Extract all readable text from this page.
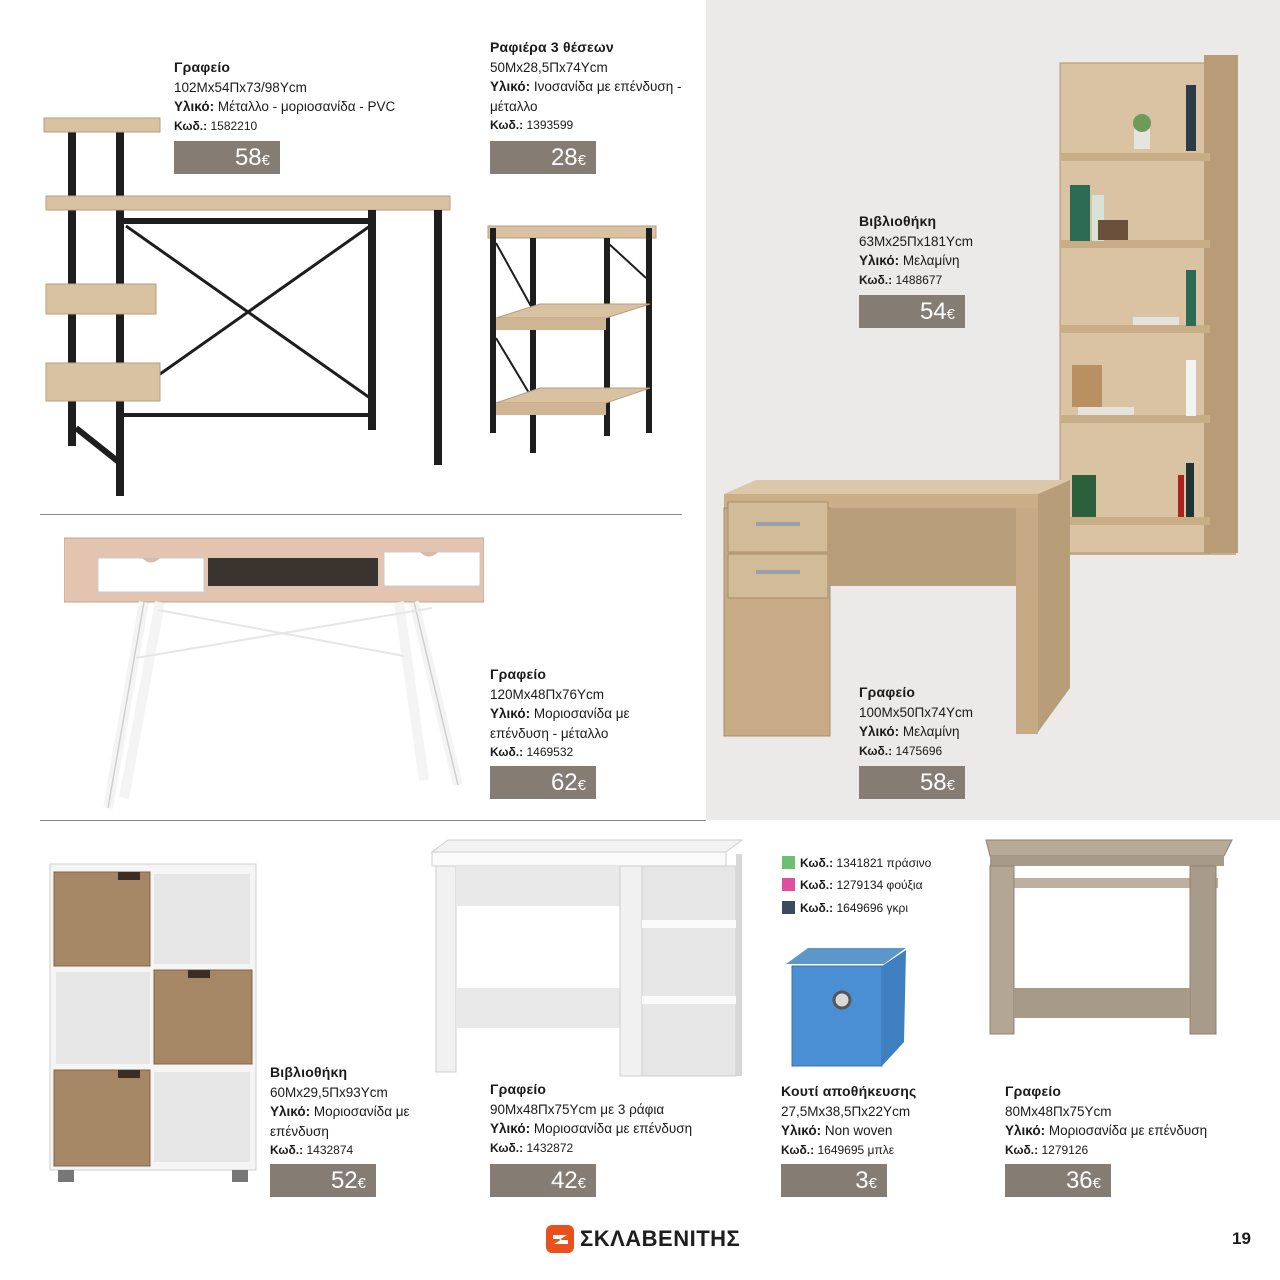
Γραφείο
102Μx54Πx73/98Υcm
Υλικό: Μέταλλο - μοριοσανίδα - PVC
Κωδ.: 1582210
58€
Ραφιέρα 3 θέσεων
50Μx28,5Πx74Υcm
Υλικό: Ινοσανίδα με επένδυση - μέταλλο
Κωδ.: 1393599
28€
Βιβλιοθήκη
63Μx25Πx181Υcm
Υλικό: Μελαμίνη
Κωδ.: 1488677
54€
Γραφείο
120Μx48Πx76Υcm
Υλικό: Μοριοσανίδα με επένδυση - μέταλλο
Κωδ.: 1469532
62€
Γραφείο
100Μx50Πx74Υcm
Υλικό: Μελαμίνη
Κωδ.: 1475696
58€
Βιβλιοθήκη
60Μx29,5Πx93Υcm
Υλικό: Μοριοσανίδα με επένδυση
Κωδ.: 1432874
52€
Γραφείο
90Μx48Πx75Υcm με 3 ράφια
Υλικό: Μοριοσανίδα με επένδυση
Κωδ.: 1432872
42€
Κουτί αποθήκευσης
27,5Μx38,5Πx22Υcm
Υλικό: Non woven
Κωδ.: 1649695 μπλε
3€
Γραφείο
80Μx48Πx75Υcm
Υλικό: Μοριοσανίδα με επένδυση
Κωδ.: 1279126
36€
Κωδ.: 1341821 πράσινο
Κωδ.: 1279134 φούξια
Κωδ.: 1649696 γκρι
ΣΚΛΑΒΕΝΙΤΗΣ	19
